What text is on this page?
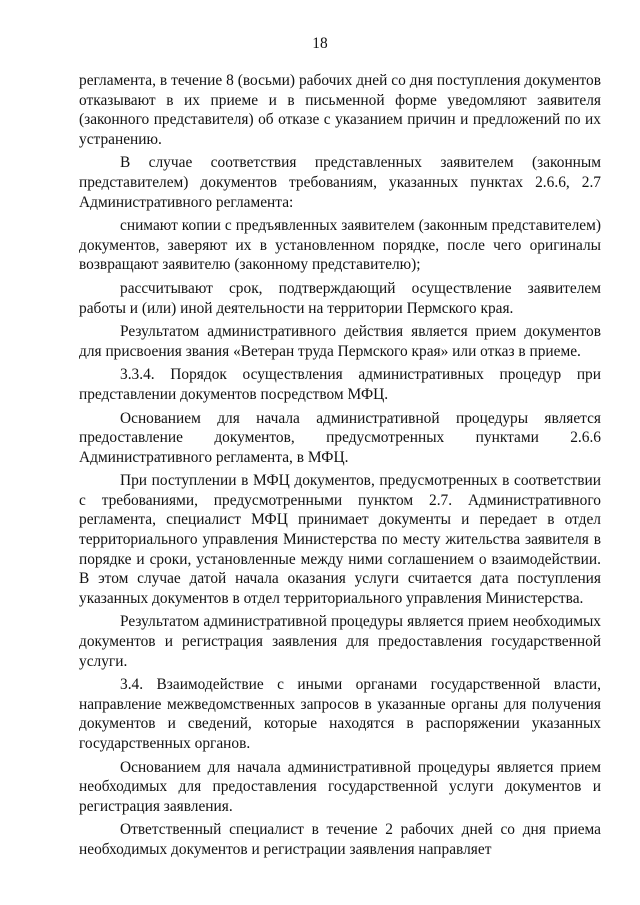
18

регламента, в течение 8 (восьми) рабочих дней со дня поступления документов отказывают в их приеме и в письменной форме уведомляют заявителя (законного представителя) об отказе с указанием причин и предложений по их устранению.

В случае соответствия представленных заявителем (законным представителем) документов требованиям, указанных пунктах 2.6.6, 2.7 Административного регламента:

снимают копии с предъявленных заявителем (законным представителем) документов, заверяют их в установленном порядке, после чего оригиналы возвращают заявителю (законному представителю);

рассчитывают срок, подтверждающий осуществление заявителем работы и (или) иной деятельности на территории Пермского края.

Результатом административного действия является прием документов для присвоения звания «Ветеран труда Пермского края» или отказ в приеме.

3.3.4. Порядок осуществления административных процедур при представлении документов посредством МФЦ.

Основанием для начала административной процедуры является предоставление документов, предусмотренных пунктами 2.6.6 Административного регламента, в МФЦ.

При поступлении в МФЦ документов, предусмотренных в соответствии с требованиями, предусмотренными пунктом 2.7. Административного регламента, специалист МФЦ принимает документы и передает в отдел территориального управления Министерства по месту жительства заявителя в порядке и сроки, установленные между ними соглашением о взаимодействии. В этом случае датой начала оказания услуги считается дата поступления указанных документов в отдел территориального управления Министерства.

Результатом административной процедуры является прием необходимых документов и регистрация заявления для предоставления государственной услуги.

3.4. Взаимодействие с иными органами государственной власти, направление межведомственных запросов в указанные органы для получения документов и сведений, которые находятся в распоряжении указанных государственных органов.

Основанием для начала административной процедуры является прием необходимых для предоставления государственной услуги документов и регистрация заявления.

Ответственный специалист в течение 2 рабочих дней со дня приема необходимых документов и регистрации заявления направляет
